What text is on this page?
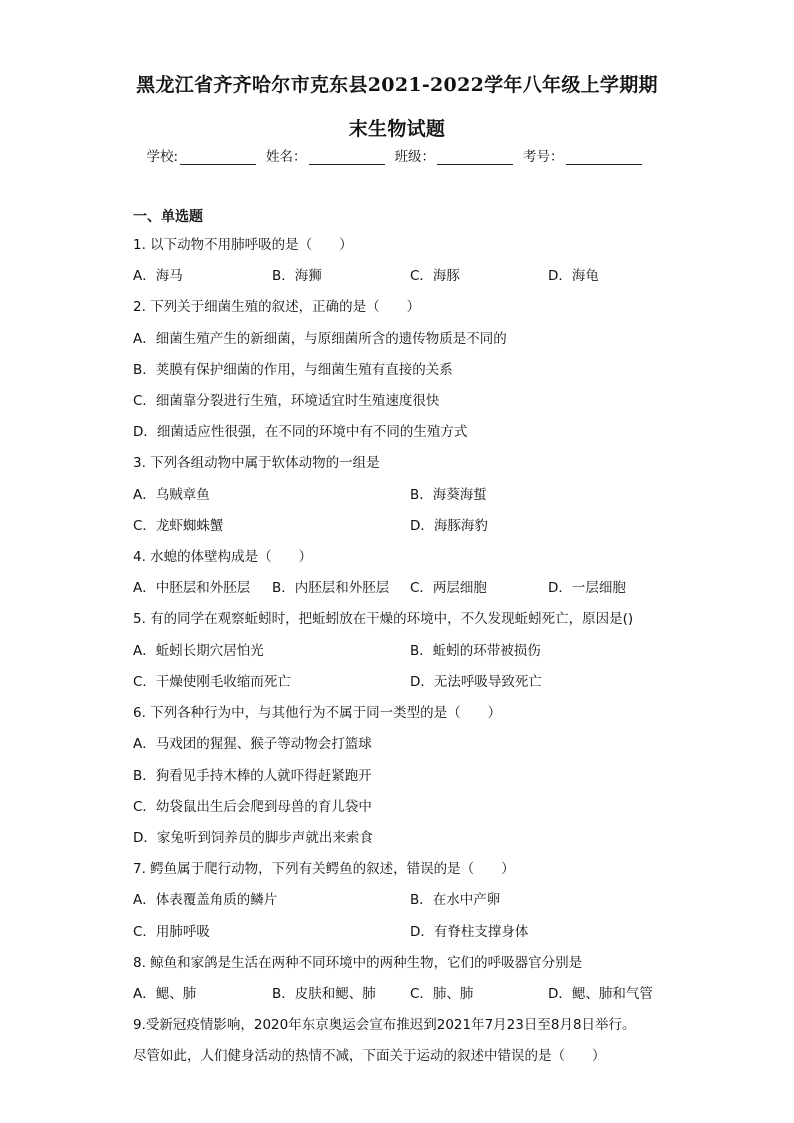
黑龙江省齐齐哈尔市克东县2021-2022学年八年级上学期期
末生物试题
学校:	姓名：	班级：	考号：
一、单选题
1. 以下动物不用肺呼吸的是（　　）
A．海马	B．海狮	C．海豚	D．海龟
2. 下列关于细菌生殖的叙述，正确的是（　　）
A．细菌生殖产生的新细菌，与原细菌所含的遗传物质是不同的
B．荚膜有保护细菌的作用，与细菌生殖有直接的关系
C．细菌靠分裂进行生殖，环境适宜时生殖速度很快
D．细菌适应性很强，在不同的环境中有不同的生殖方式
3. 下列各组动物中属于软体动物的一组是
A．乌贼章鱼	B．海葵海蜇
C．龙虾蜘蛛蟹	D．海豚海豹
4. 水螅的体壁构成是（　　）
A．中胚层和外胚层 B．内胚层和外胚层 C．两层细胞	D．一层细胞
5. 有的同学在观察蚯蚓时，把蚯蚓放在干燥的环境中，不久发现蚯蚓死亡，原因是()
A．蚯蚓长期穴居怕光	B．蚯蚓的环带被损伤
C．干燥使刚毛收缩而死亡	D．无法呼吸导致死亡
6. 下列各种行为中，与其他行为不属于同一类型的是（　　）
A．马戏团的猩猩、猴子等动物会打篮球
B．狗看见手持木棒的人就吓得赶紧跑开
C．幼袋鼠出生后会爬到母兽的育儿袋中
D．家兔听到饲养员的脚步声就出来索食
7. 鳄鱼属于爬行动物，下列有关鳄鱼的叙述，错误的是（　　）
A．体表覆盖角质的鳞片	B．在水中产卵
C．用肺呼吸	D．有脊柱支撑身体
8. 鲸鱼和家鸽是生活在两种不同环境中的两种生物，它们的呼吸器官分别是
A．鳃、肺	B．皮肤和鳃、肺	C．肺、肺	D．鳃、肺和气管
9.受新冠疫情影响，2020年东京奥运会宣布推迟到2021年7月23日至8月8日举行。
尽管如此，人们健身活动的热情不减，下面关于运动的叙述中错误的是（　　）
